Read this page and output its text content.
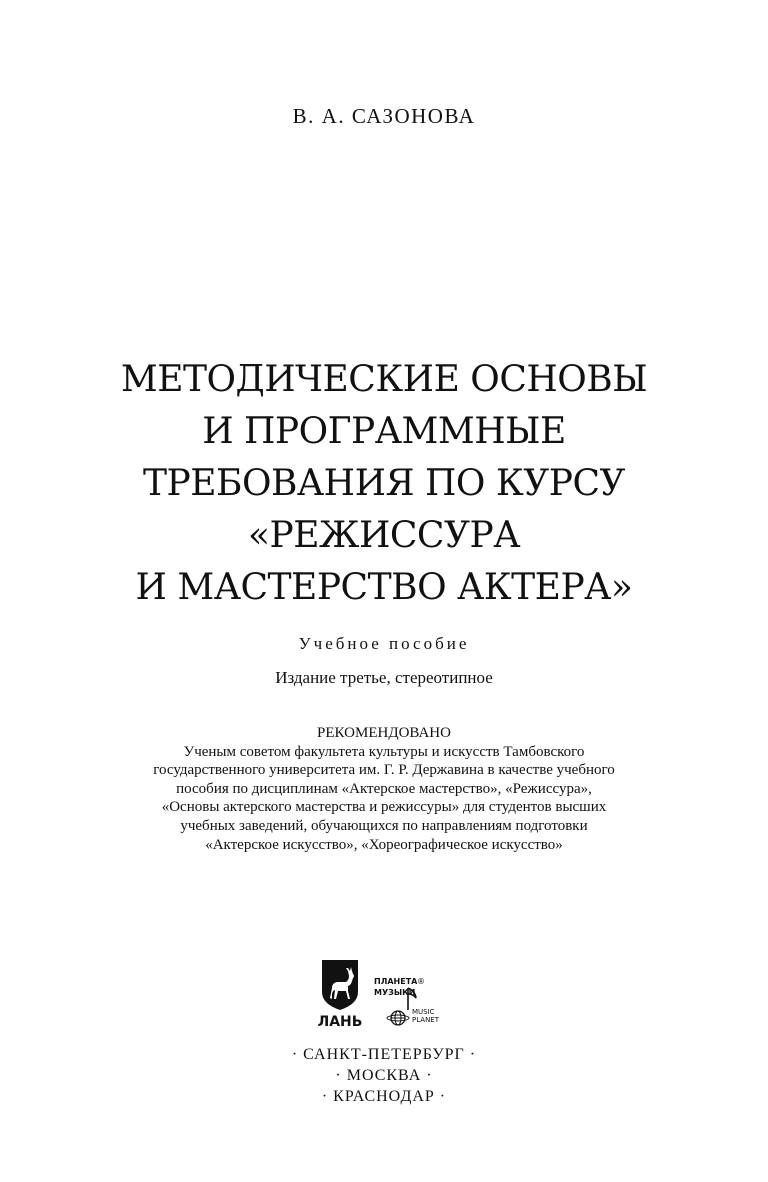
В. А. САЗОНОВА
МЕТОДИЧЕСКИЕ ОСНОВЫ
И ПРОГРАММНЫЕ
ТРЕБОВАНИЯ ПО КУРСУ
«РЕЖИССУРА
И МАСТЕРСТВО АКТЕРА»
Учебное пособие
Издание третье, стереотипное
РЕКОМЕНДОВАНО
Ученым советом факультета культуры и искусств Тамбовского
государственного университета им. Г. Р. Державина в качестве учебного
пособия по дисциплинам «Актерское мастерство», «Режиссура»,
«Основы актерского мастерства и режиссуры» для студентов высших
учебных заведений, обучающихся по направлениям подготовки
«Актерское искусство», «Хореографическое искусство»
ЛАНЬ
ПЛАНЕТА
МУЗЫКИ
®
MUSIC
PLANET
· САНКТ-ПЕТЕРБУРГ ·
· МОСКВА ·
· КРАСНОДАР ·
